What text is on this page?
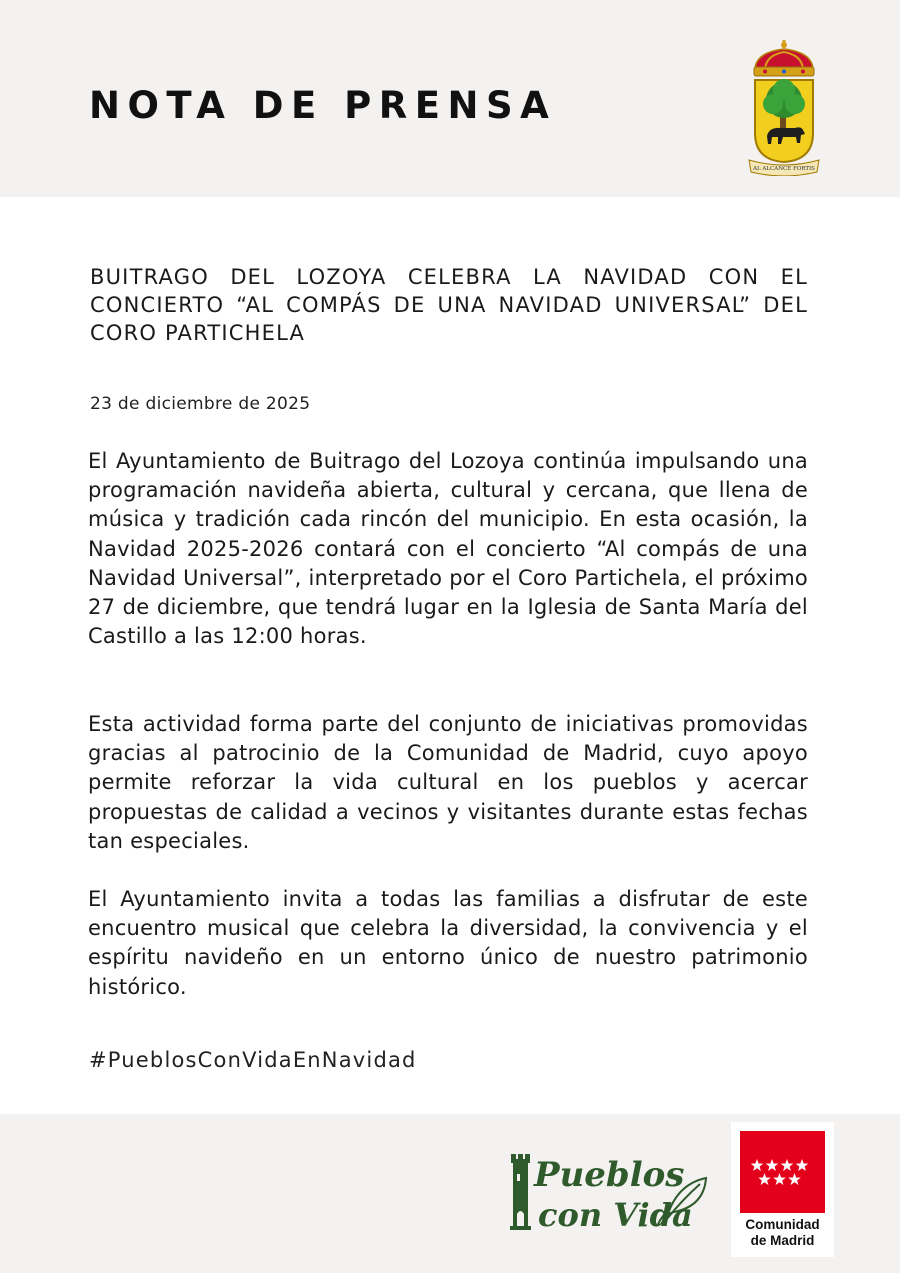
NOTA DE PRENSA
AL ALCANCE FORTIS
BUITRAGO DEL LOZOYA CELEBRA LA NAVIDAD CON EL CONCIERTO “AL COMPÁS DE UNA NAVIDAD UNIVERSAL” DEL CORO PARTICHELA
23 de diciembre de 2025

El Ayuntamiento de Buitrago del Lozoya continúa impulsando una programación navideña abierta, cultural y cercana, que llena de música y tradición cada rincón del municipio. En esta ocasión, la Navidad 2025-2026 contará con el concierto “Al compás de una Navidad Universal”, interpretado por el Coro Partichela, el próximo 27 de diciembre, que tendrá lugar en la Iglesia de Santa María del Castillo a las 12:00 horas.

Esta actividad forma parte del conjunto de iniciativas promovidas gracias al patrocinio de la Comunidad de Madrid, cuyo apoyo permite reforzar la vida cultural en los pueblos y acercar propuestas de calidad a vecinos y visitantes durante estas fechas tan especiales.

El Ayuntamiento invita a todas las familias a disfrutar de este encuentro musical que celebra la diversidad, la convivencia y el espíritu navideño en un entorno único de nuestro patrimonio histórico.

#PueblosConVidaEnNavidad
Pueblos
con Vida	Comunidad
de Madrid
